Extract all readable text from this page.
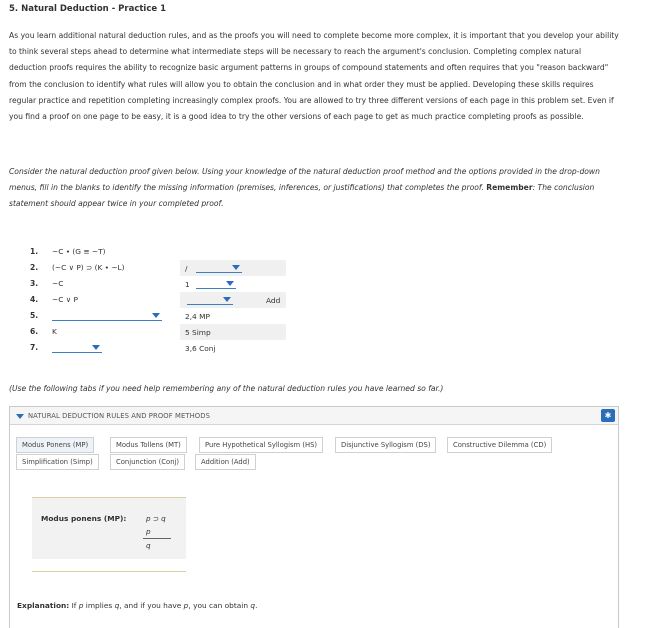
5. Natural Deduction - Practice 1
As you learn additional natural deduction rules, and as the proofs you will need to complete become more complex, it is important that you develop your ability to think several steps ahead to determine what intermediate steps will be necessary to reach the argument's conclusion. Completing complex natural deduction proofs requires the ability to recognize basic argument patterns in groups of compound statements and often requires that you "reason backward" from the conclusion to identify what rules will allow you to obtain the conclusion and in what order they must be applied. Developing these skills requires regular practice and repetition completing increasingly complex proofs. You are allowed to try three different versions of each page in this problem set. Even if you find a proof on one page to be easy, it is a good idea to try the other versions of each page to get as much practice completing proofs as possible.
Consider the natural deduction proof given below. Using your knowledge of the natural deduction proof method and the options provided in the drop-down menus, fill in the blanks to identify the missing information (premises, inferences, or justifications) that completes the proof. Remember: The conclusion statement should appear twice in your completed proof.
1. ~C • (G ≡ ~T)
2. (~C ∨ P) ⊃ (K • ~L)	/
3. ~C	1
4. ~C ∨ P	Add
5.	2,4 MP
6. K	5 Simp
7.	3,6 Conj
(Use the following tabs if you need help remembering any of the natural deduction rules you have learned so far.)
NATURAL DEDUCTION RULES AND PROOF METHODS	✱
Modus Ponens (MP)	Modus Tollens (MT)	Pure Hypothetical Syllogism (HS)	Disjunctive Syllogism (DS)	Constructive Dilemma (CD)
Simplification (Simp)	Conjunction (Conj)	Addition (Add)
Modus ponens (MP):	p ⊃ q
p
q
Explanation: If p implies q, and if you have p, you can obtain q.
